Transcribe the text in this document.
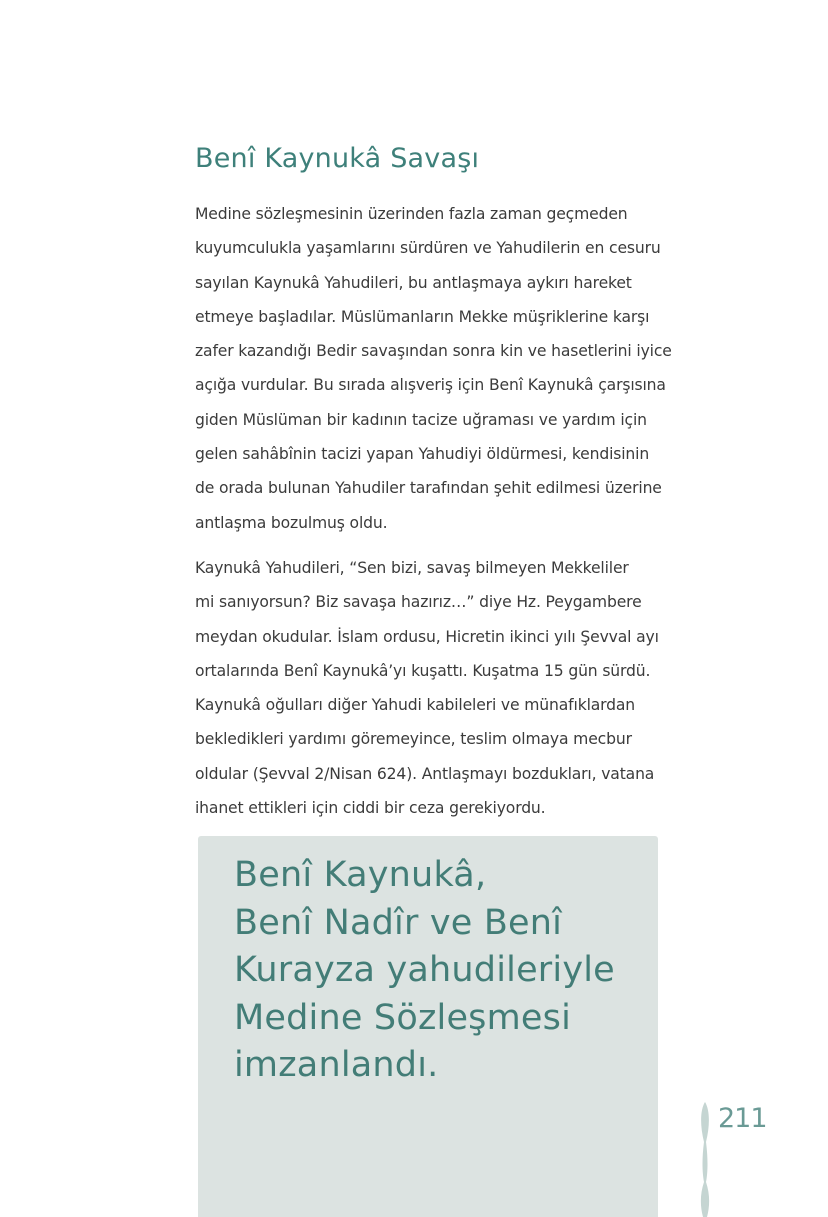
Benî Kaynukâ Savaşı

Medine sözleşmesinin üzerinden fazla zaman geçmeden
kuyumculukla yaşamlarını sürdüren ve Yahudilerin en cesuru
sayılan Kaynukâ Yahudileri, bu antlaşmaya aykırı hareket
etmeye başladılar. Müslümanların Mekke müşriklerine karşı
zafer kazandığı Bedir savaşından sonra kin ve hasetlerini iyice
açığa vurdular. Bu sırada alışveriş için Benî Kaynukâ çarşısına
giden Müslüman bir kadının tacize uğraması ve yardım için
gelen sahâbînin tacizi yapan Yahudiyi öldürmesi, kendisinin
de orada bulunan Yahudiler tarafından şehit edilmesi üzerine
antlaşma bozulmuş oldu.

Kaynukâ Yahudileri, “Sen bizi, savaş bilmeyen Mekkeliler
mi sanıyorsun? Biz savaşa hazırız…” diye Hz. Peygambere
meydan okudular. İslam ordusu, Hicretin ikinci yılı Şevval ayı
ortalarında Benî Kaynukâ’yı kuşattı. Kuşatma 15 gün sürdü.
Kaynukâ oğulları diğer Yahudi kabileleri ve münafıklardan
bekledikleri yardımı göremeyince, teslim olmaya mecbur
oldular (Şevval 2/Nisan 624). Antlaşmayı bozdukları, vatana
ihanet ettikleri için ciddi bir ceza gerekiyordu.

Benî Kaynukâ,
Benî Nadîr ve Benî
Kurayza yahudileriyle
Medine Sözleşmesi
imzanlandı.
211
